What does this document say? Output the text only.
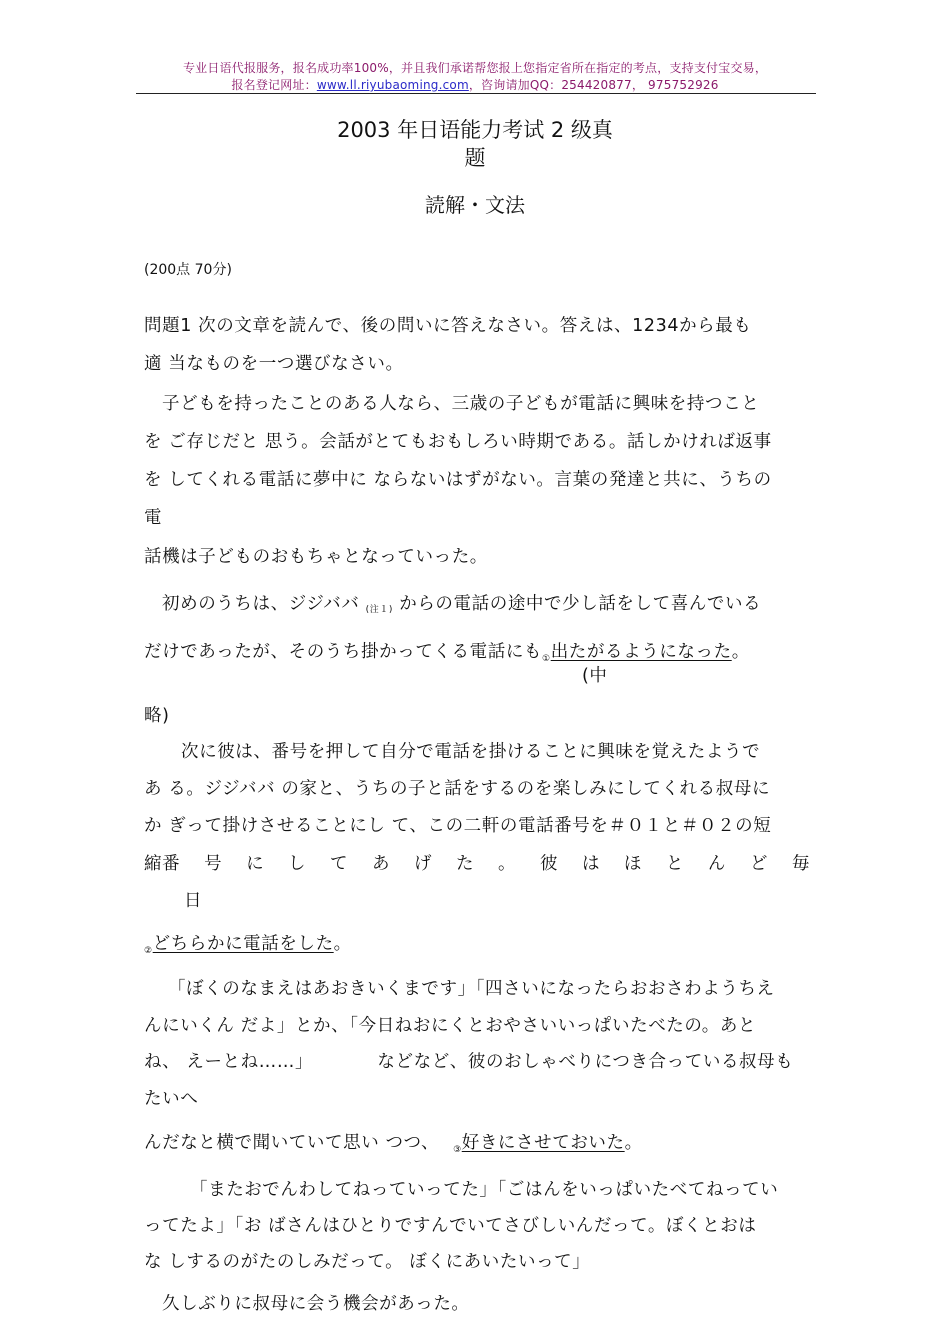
专业日语代报服务，报名成功率100%，并且我们承诺帮您报上您指定省所在指定的考点，支持支付宝交易，
报名登记网址：www.ll.riyubaoming.com，咨询请加QQ：254420877， 975752926
2003 年日语能力考试 2 级真
题
読解・文法
(200点 70分)
問題1 次の文章を読んで、後の問いに答えなさい。答えは、1234から最も
適 当なものを一つ選びなさい。
子どもを持ったことのある人なら、三歳の子どもが電話に興味を持つこと
を ご存じだと 思う。会話がとてもおもしろい時期である。話しかければ返事
を してくれる電話に夢中に ならないはずがない。言葉の発達と共に、うちの
電
話機は子どものおもちゃとなっていった。
初めのうちは、ジジババ (注１) からの電話の途中で少し話をして喜んでいる
だけであったが、そのうち掛かってくる電話にも$_①$出たがるようになった。
(中
略)
次に彼は、番号を押して自分で電話を掛けることに興味を覚えたようで
あ る。ジジババ の家と、うちの子と話をするのを楽しみにしてくれる叔母に
か ぎって掛けさせることにし て、この二軒の電話番号を＃０１と＃０２の短
縮番 号 に し て あ げ た 。 彼 は ほ と ん ど 毎
日
$_②$どちらかに電話をした。
「ぼくのなまえはあおきいくまです」「四さいになったらおおさわようちえ
んにいくん だよ」とか、「今日ねおにくとおやさいいっぱいたべたの。あと
ね、 えーとね……」	などなど、彼のおしゃべりにつき合っている叔母も
たいへ
んだなと横で聞いていて思い つつ、 $_③$好きにさせておいた。
「またおでんわしてねっていってた」「ごはんをいっぱいたべてねってい
ってたよ」「お ばさんはひとりですんでいてさびしいんだって。ぼくとおは
な しするのがたのしみだって。 ぼくにあいたいって」
久しぶりに叔母に会う機会があった。
